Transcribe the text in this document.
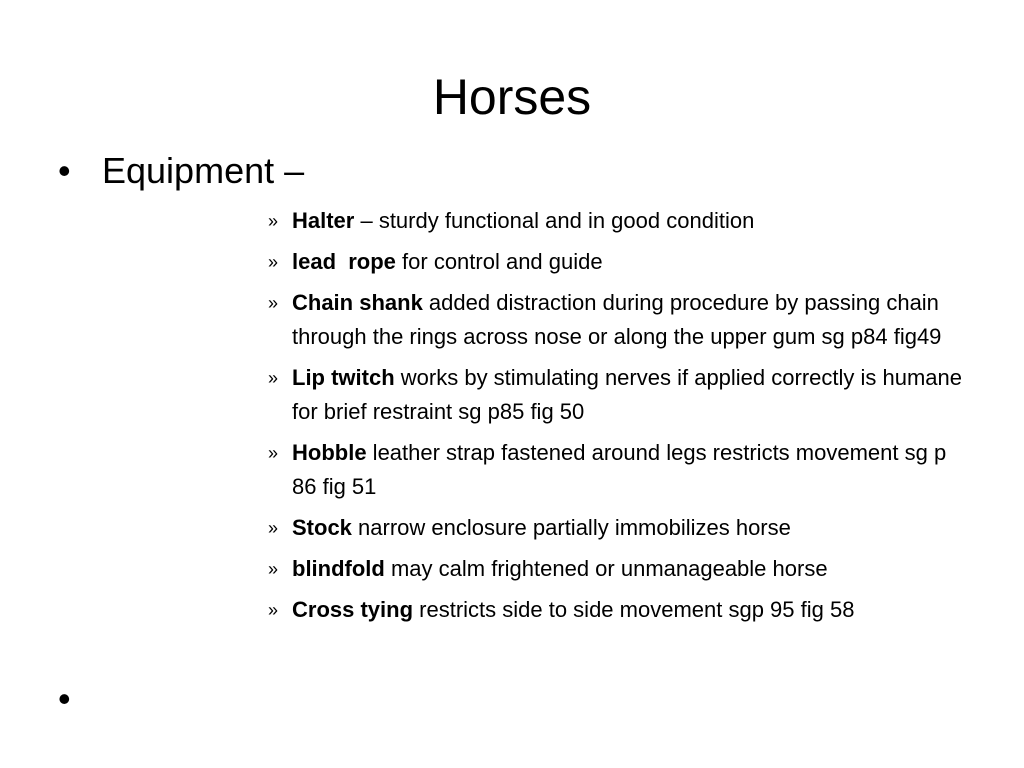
Horses
• Equipment –
» Halter – sturdy functional and in good condition
» lead  rope for control and guide
» Chain shank added distraction during procedure by passing chain through the rings across nose or along the upper gum sg p84 fig49
» Lip twitch works by stimulating nerves if applied correctly is humane for brief restraint sg p85 fig 50
» Hobble leather strap fastened around legs restricts movement sg p 86 fig 51
» Stock narrow enclosure partially immobilizes horse
» blindfold may calm frightened or unmanageable horse
» Cross tying restricts side to side movement sgp 95 fig 58
•
